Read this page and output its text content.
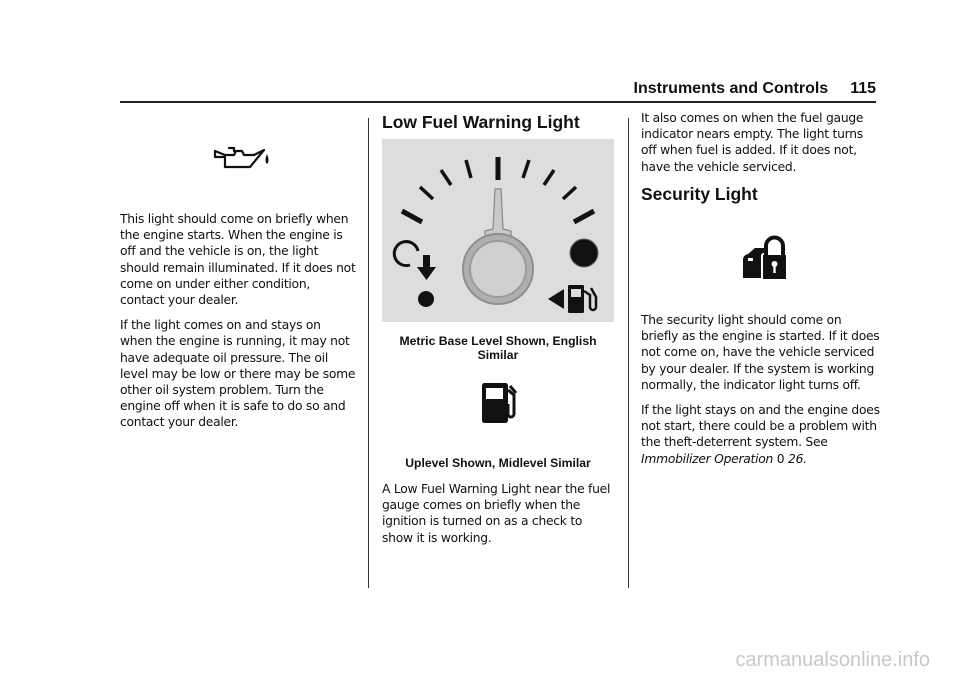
Instruments and Controls 115

This light should come on briefly when the engine starts. When the engine is off and the vehicle is on, the light should remain illuminated. If it does not come on under either condition, contact your dealer.

If the light comes on and stays on when the engine is running, it may not have adequate oil pressure. The oil level may be low or there may be some other oil system problem. Turn the engine off when it is safe to do so and contact your dealer.

Low Fuel Warning Light
Metric Base Level Shown, English Similar
Uplevel Shown, Midlevel Similar

A Low Fuel Warning Light near the fuel gauge comes on briefly when the ignition is turned on as a check to show it is working.

It also comes on when the fuel gauge indicator nears empty. The light turns off when fuel is added. If it does not, have the vehicle serviced.

Security Light

The security light should come on briefly as the engine is started. If it does not come on, have the vehicle serviced by your dealer. If the system is working normally, the indicator light turns off.

If the light stays on and the engine does not start, there could be a problem with the theft-deterrent system. See Immobilizer Operation 0 26.

carmanualsonline.info
